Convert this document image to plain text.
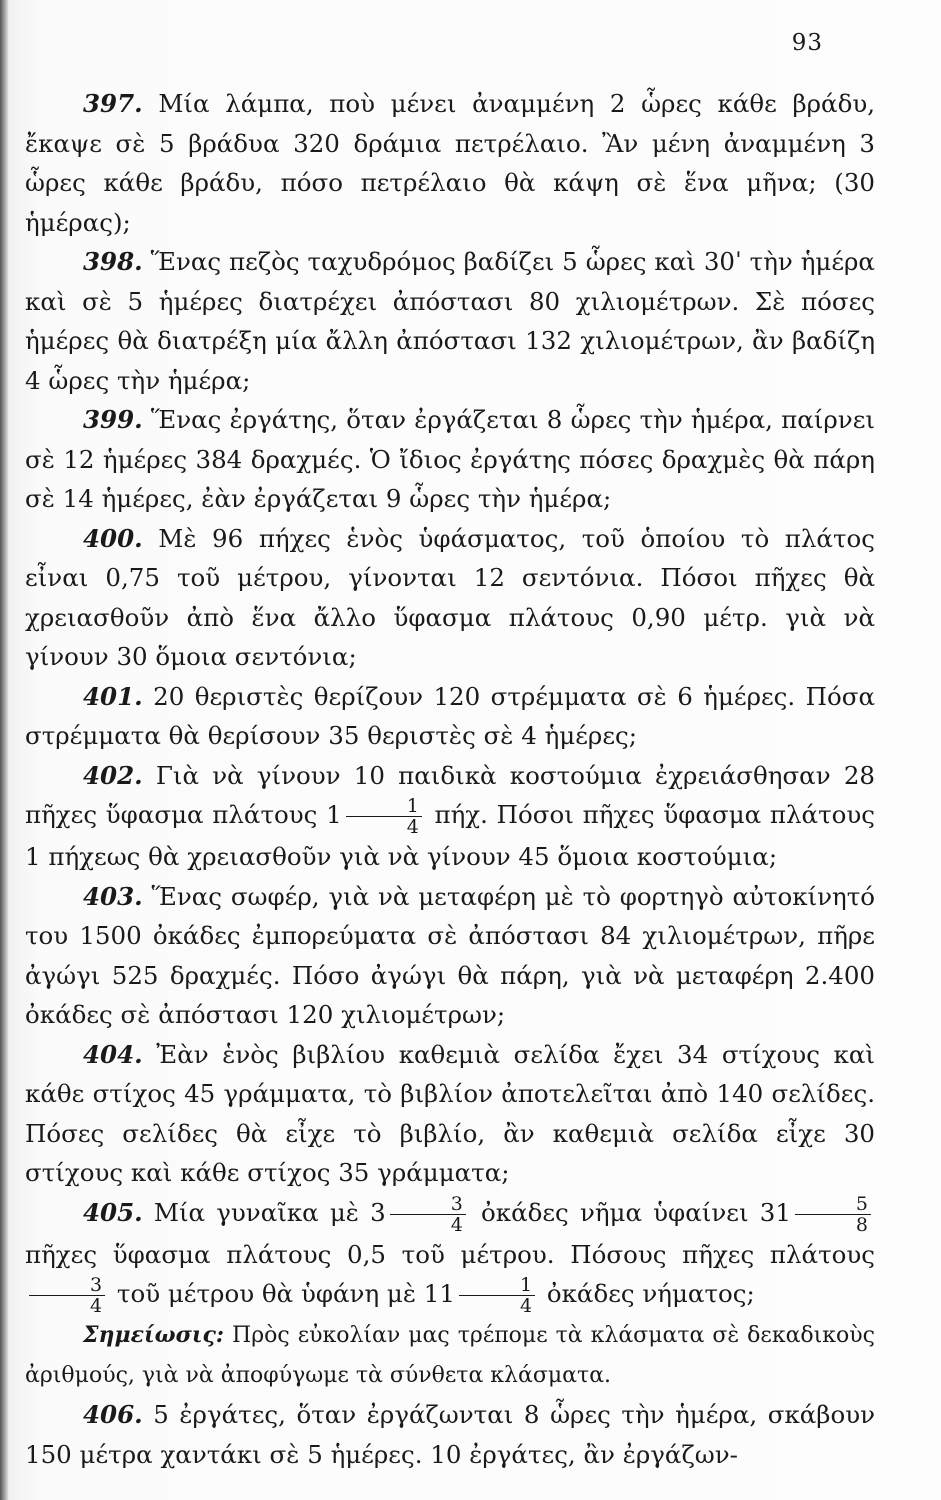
93

397. Μία λάμπα, ποὺ μένει ἀναμμένη 2 ὧρες κάθε βράδυ, ἔκαψε σὲ 5 βράδυα 320 δράμια πετρέλαιο. Ἂν μένη ἀναμμένη 3 ὧρες κάθε βράδυ, πόσο πετρέλαιο θὰ κάψη σὲ ἕνα μῆνα; (30 ἡμέρας);

398. Ἕνας πεζὸς ταχυδρόμος βαδίζει 5 ὧρες καὶ 30ˈ τὴν ἡμέρα καὶ σὲ 5 ἡμέρες διατρέχει ἀπόστασι 80 χιλιομέτρων. Σὲ πόσες ἡμέρες θὰ διατρέξη μία ἄλλη ἀπόστασι 132 χιλιομέτρων, ἂν βαδίζη 4 ὧρες τὴν ἡμέρα;

399. Ἕνας ἐργάτης, ὅταν ἐργάζεται 8 ὧρες τὴν ἡμέρα, παίρνει σὲ 12 ἡμέρες 384 δραχμές. Ὁ ἴδιος ἐργάτης πόσες δραχμὲς θὰ πάρη σὲ 14 ἡμέρες, ἐὰν ἐργάζεται 9 ὧρες τὴν ἡμέρα;

400. Μὲ 96 πήχες ἑνὸς ὑφάσματος, τοῦ ὁποίου τὸ πλάτος εἶναι 0,75 τοῦ μέτρου, γίνονται 12 σεντόνια. Πόσοι πῆχες θὰ χρειασθοῦν ἀπὸ ἕνα ἄλλο ὕφασμα πλάτους 0,90 μέτρ. γιὰ νὰ γίνουν 30 ὅμοια σεντόνια;

401. 20 θεριστὲς θερίζουν 120 στρέμματα σὲ 6 ἡμέρες. Πόσα στρέμματα θὰ θερίσουν 35 θεριστὲς σὲ 4 ἡμέρες;

402. Γιὰ νὰ γίνουν 10 παιδικὰ κοστούμια ἐχρειάσθησαν 28 πῆχες ὕφασμα πλάτους $1 \frac{1}{4} \pi ή\chi$. Πόσοι πῆχες ὕφασμα πλάτους 1 πήχεως θὰ χρειασθοῦν γιὰ νὰ γίνουν 45 ὅμοια κοστούμια;

403. Ἕνας σωφέρ, γιὰ νὰ μεταφέρη μὲ τὸ φορτηγὸ αὐτοκίνητό του 1500 ὀκάδες ἐμπορεύματα σὲ ἀπόστασι 84 χιλιομέτρων, πῆρε ἀγώγι 525 δραχμές. Πόσο ἀγώγι θὰ πάρη, γιὰ νὰ μεταφέρη 2.400 ὀκάδες σὲ ἀπόστασι 120 χιλιομέτρων;

404. Ἐὰν ἑνὸς βιβλίου καθεμιὰ σελίδα ἔχει 34 στίχους καὶ κάθε στίχος 45 γράμματα, τὸ βιβλίον ἀποτελεῖται ἀπὸ 140 σελίδες. Πόσες σελίδες θὰ εἶχε τὸ βιβλίο, ἂν καθεμιὰ σελίδα εἶχε 30 στίχους καὶ κάθε στίχος 35 γράμματα;

405. Μία γυναῖκα μὲ $3 \frac{3}{4}$ ὀκάδες νῆμα ὑφαίνει $31 \frac{5}{8}$
πῆχες ὕφασμα πλάτους 0,5 τοῦ μέτρου. Πόσους πῆχες πλάτους
$\frac{3}{4}$ τοῦ μέτρου θὰ ὑφάνη μὲ $11 \frac{1}{4}$ ὀκάδες νήματος;

Σημείωσις: Πρὸς εὐκολίαν μας τρέπομε τὰ κλάσματα σὲ δεκαδικοὺς ἀριθμούς, γιὰ νὰ ἀποφύγωμε τὰ σύνθετα κλάσματα.

406. 5 ἐργάτες, ὅταν ἐργάζωνται 8 ὧρες τὴν ἡμέρα, σκάβουν 150 μέτρα χαντάκι σὲ 5 ἡμέρες. 10 ἐργάτες, ἂν ἐργάζων-
